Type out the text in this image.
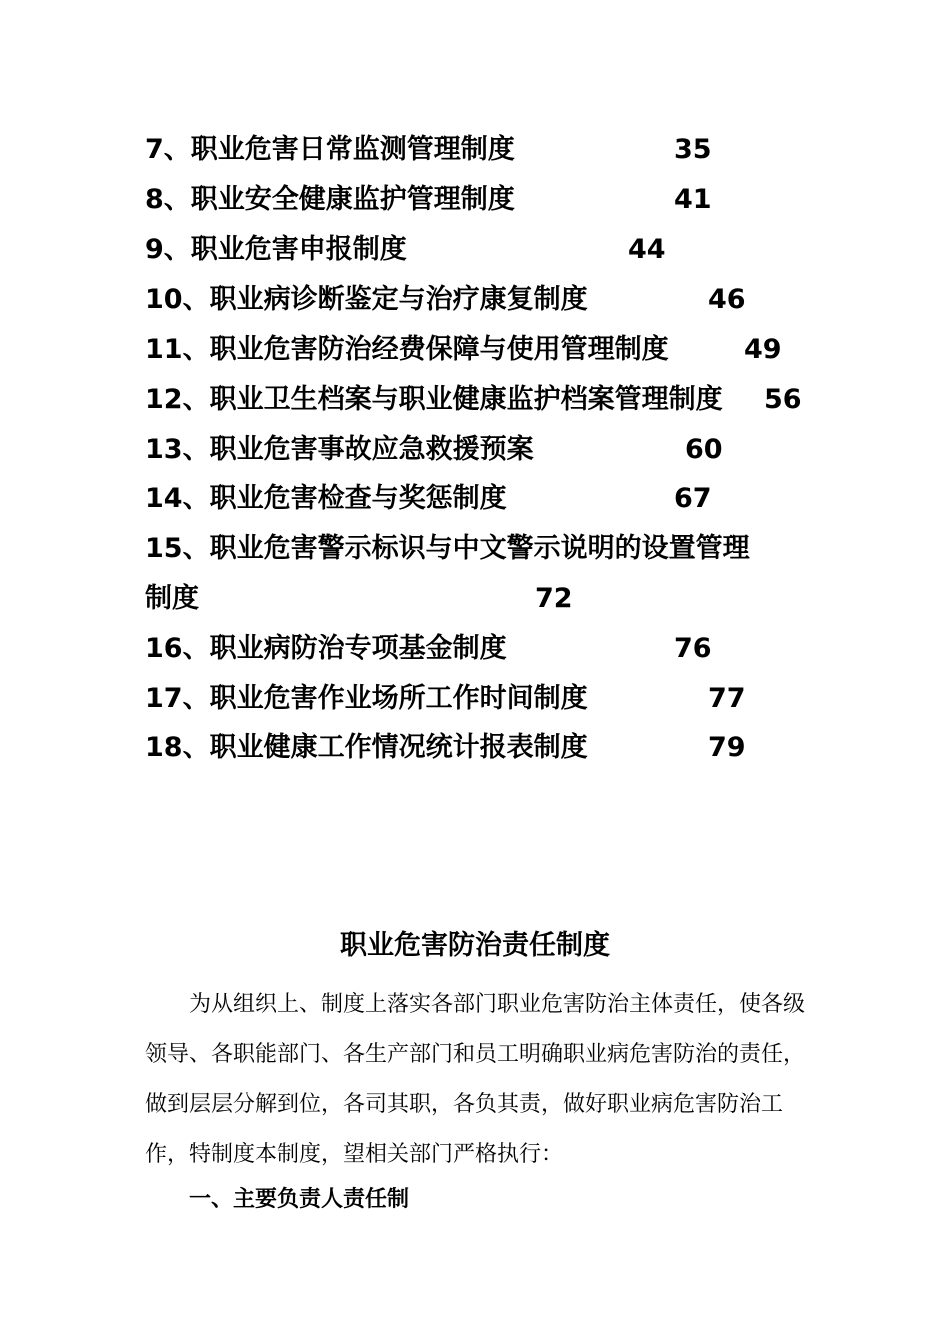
7、职业危害日常监测管理制度	35
8、职业安全健康监护管理制度	41
9、职业危害申报制度	44
10、职业病诊断鉴定与治疗康复制度	46
11、职业危害防治经费保障与使用管理制度	49
12、职业卫生档案与职业健康监护档案管理制度 56
13、职业危害事故应急救援预案	60
14、职业危害检查与奖惩制度	67
15、职业危害警示标识与中文警示说明的设置管理
制度	72
16、职业病防治专项基金制度	76
17、职业危害作业场所工作时间制度	77
18、职业健康工作情况统计报表制度	79
职业危害防治责任制度

为从组织上、制度上落实各部门职业危害防治主体责任，使各级领导、各职能部门、各生产部门和员工明确职业病危害防治的责任，做到层层分解到位，各司其职，各负其责，做好职业病危害防治工作，特制度本制度，望相关部门严格执行：

一、主要负责人责任制
